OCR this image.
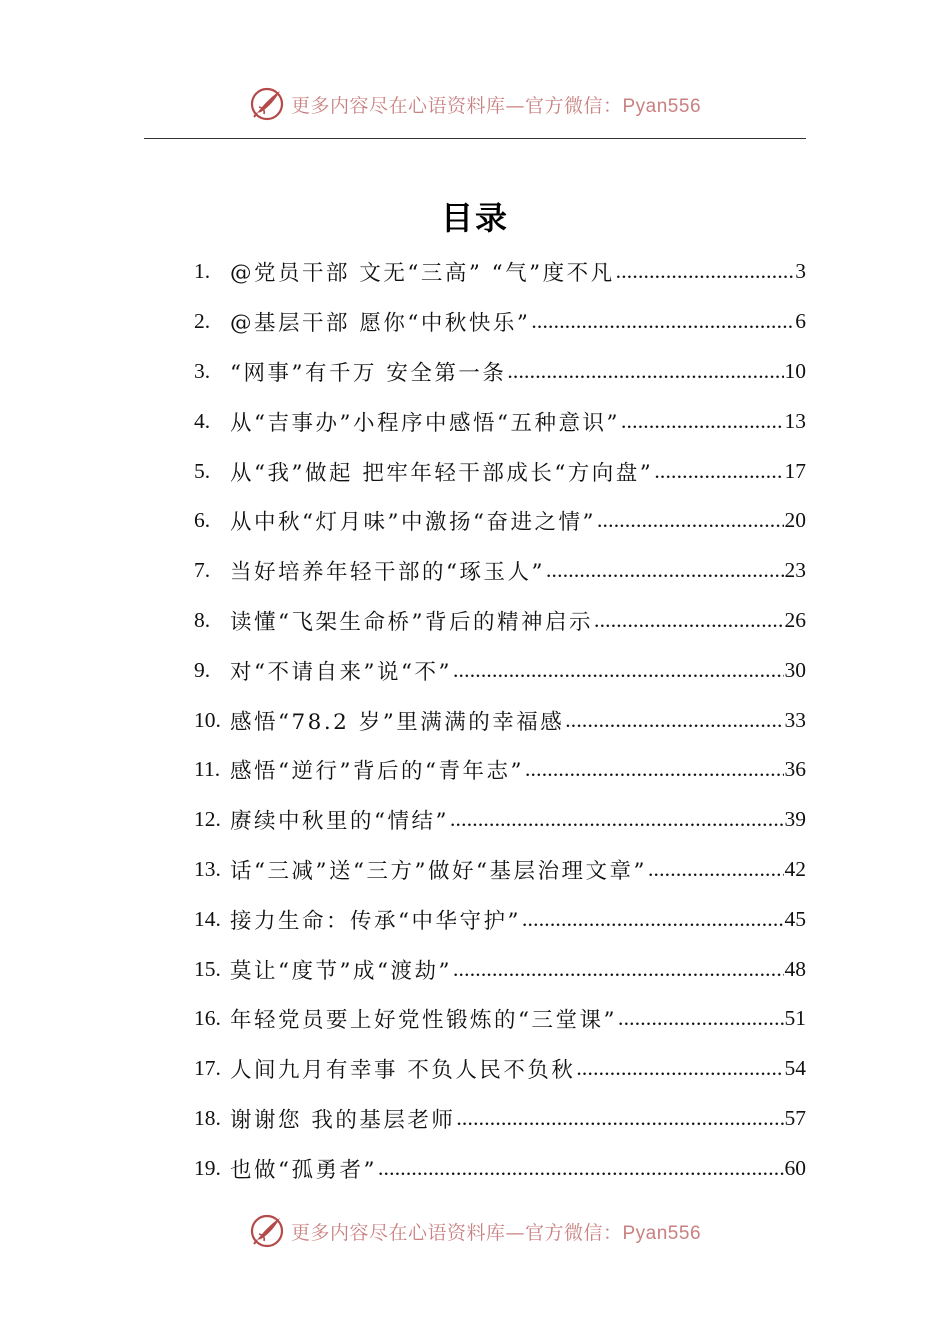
更多内容尽在心语资料库—官方微信：Pyan556
目录
1. @党员干部 文无“三高” “气”度不凡 .....	3
2. @基层干部 愿你“中秋快乐” .....	6
3. “网事”有千万 安全第一条 .....	10
4. 从“吉事办”小程序中感悟“五种意识” .....	13
5. 从“我”做起 把牢年轻干部成长“方向盘” .....	17
6. 从中秋“灯月味”中激扬“奋进之情” .....	20
7. 当好培养年轻干部的“琢玉人” .....	23
8. 读懂“飞架生命桥”背后的精神启示 .....	26
9. 对“不请自来”说“不” .....	30
10. 感悟“78.2 岁”里满满的幸福感 .....	33
11. 感悟“逆行”背后的“青年志” .....	36
12. 赓续中秋里的“情结” .....	39
13. 话“三减”送“三方”做好“基层治理文章” .....	42
14. 接力生命：传承“中华守护” .....	45
15. 莫让“度节”成“渡劫” .....	48
16. 年轻党员要上好党性锻炼的“三堂课” .....	51
17. 人间九月有幸事 不负人民不负秋 .....	54
18. 谢谢您 我的基层老师 .....	57
19. 也做“孤勇者” .....	60
更多内容尽在心语资料库—官方微信：Pyan556
